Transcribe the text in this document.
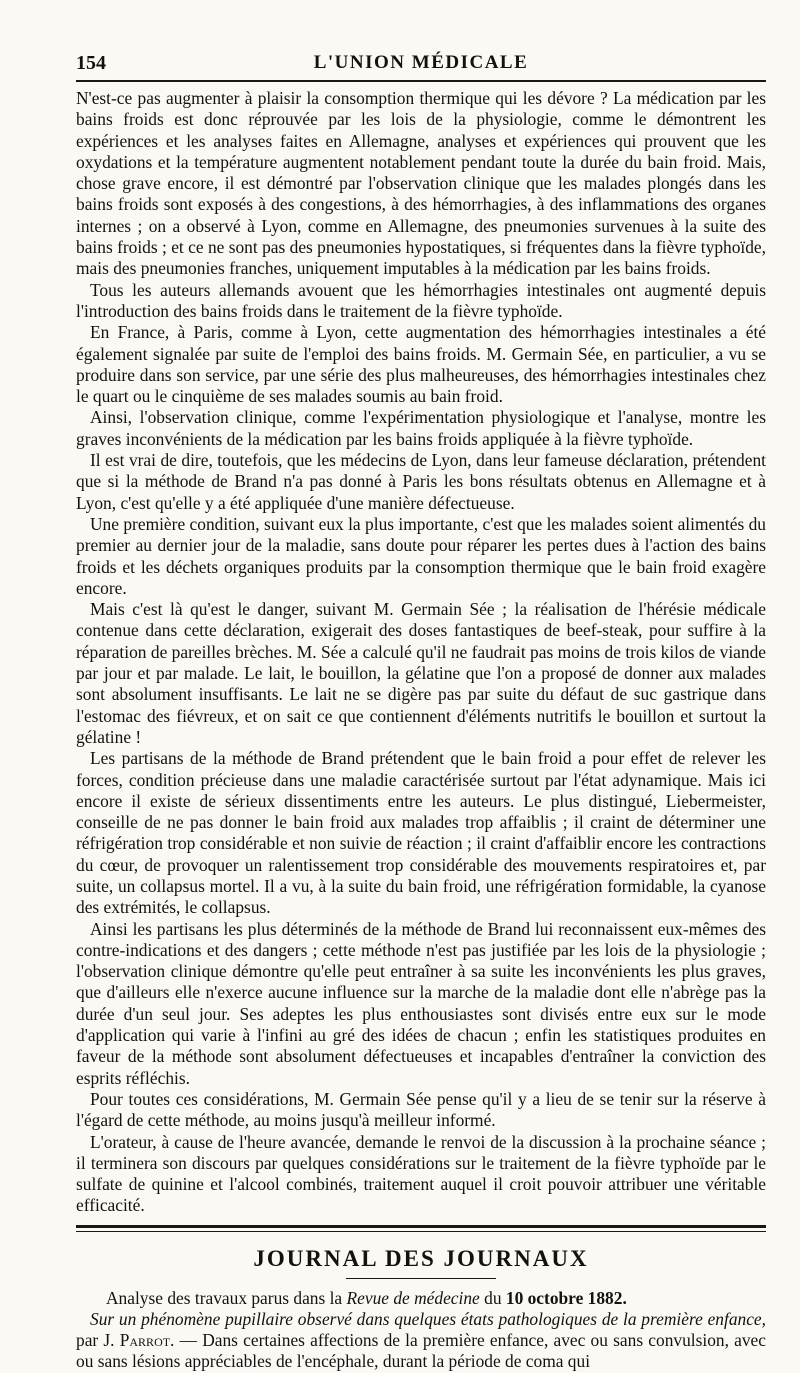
154	L'UNION MÉDICALE

N'est-ce pas augmenter à plaisir la consomption thermique qui les dévore ? La médication par les bains froids est donc réprouvée par les lois de la physiologie, comme le démontrent les expériences et les analyses faites en Allemagne, analyses et expériences qui prouvent que les oxydations et la température augmentent notablement pendant toute la durée du bain froid. Mais, chose grave encore, il est démontré par l'observation clinique que les malades plongés dans les bains froids sont exposés à des congestions, à des hémorrhagies, à des inflammations des organes internes ; on a observé à Lyon, comme en Allemagne, des pneumonies survenues à la suite des bains froids ; et ce ne sont pas des pneumonies hypostatiques, si fréquentes dans la fièvre typhoïde, mais des pneumonies franches, uniquement imputables à la médication par les bains froids.

Tous les auteurs allemands avouent que les hémorrhagies intestinales ont augmenté depuis l'introduction des bains froids dans le traitement de la fièvre typhoïde.

En France, à Paris, comme à Lyon, cette augmentation des hémorrhagies intestinales a été également signalée par suite de l'emploi des bains froids. M. Germain Sée, en particulier, a vu se produire dans son service, par une série des plus malheureuses, des hémorrhagies intestinales chez le quart ou le cinquième de ses malades soumis au bain froid.

Ainsi, l'observation clinique, comme l'expérimentation physiologique et l'analyse, montre les graves inconvénients de la médication par les bains froids appliquée à la fièvre typhoïde.

Il est vrai de dire, toutefois, que les médecins de Lyon, dans leur fameuse déclaration, prétendent que si la méthode de Brand n'a pas donné à Paris les bons résultats obtenus en Allemagne et à Lyon, c'est qu'elle y a été appliquée d'une manière défectueuse.

Une première condition, suivant eux la plus importante, c'est que les malades soient alimentés du premier au dernier jour de la maladie, sans doute pour réparer les pertes dues à l'action des bains froids et les déchets organiques produits par la consomption thermique que le bain froid exagère encore.

Mais c'est là qu'est le danger, suivant M. Germain Sée ; la réalisation de l'hérésie médicale contenue dans cette déclaration, exigerait des doses fantastiques de beef-steak, pour suffire à la réparation de pareilles brèches. M. Sée a calculé qu'il ne faudrait pas moins de trois kilos de viande par jour et par malade. Le lait, le bouillon, la gélatine que l'on a proposé de donner aux malades sont absolument insuffisants. Le lait ne se digère pas par suite du défaut de suc gastrique dans l'estomac des fiévreux, et on sait ce que contiennent d'éléments nutritifs le bouillon et surtout la gélatine !

Les partisans de la méthode de Brand prétendent que le bain froid a pour effet de relever les forces, condition précieuse dans une maladie caractérisée surtout par l'état adynamique. Mais ici encore il existe de sérieux dissentiments entre les auteurs. Le plus distingué, Liebermeister, conseille de ne pas donner le bain froid aux malades trop affaiblis ; il craint de déterminer une réfrigération trop considérable et non suivie de réaction ; il craint d'affaiblir encore les contractions du cœur, de provoquer un ralentissement trop considérable des mouvements respiratoires et, par suite, un collapsus mortel. Il a vu, à la suite du bain froid, une réfrigération formidable, la cyanose des extrémités, le collapsus.

Ainsi les partisans les plus déterminés de la méthode de Brand lui reconnaissent eux-mêmes des contre-indications et des dangers ; cette méthode n'est pas justifiée par les lois de la physiologie ; l'observation clinique démontre qu'elle peut entraîner à sa suite les inconvénients les plus graves, que d'ailleurs elle n'exerce aucune influence sur la marche de la maladie dont elle n'abrège pas la durée d'un seul jour. Ses adeptes les plus enthousiastes sont divisés entre eux sur le mode d'application qui varie à l'infini au gré des idées de chacun ; enfin les statistiques produites en faveur de la méthode sont absolument défectueuses et incapables d'entraîner la conviction des esprits réfléchis.

Pour toutes ces considérations, M. Germain Sée pense qu'il y a lieu de se tenir sur la réserve à l'égard de cette méthode, au moins jusqu'à meilleur informé.

L'orateur, à cause de l'heure avancée, demande le renvoi de la discussion à la prochaine séance ; il terminera son discours par quelques considérations sur le traitement de la fièvre typhoïde par le sulfate de quinine et l'alcool combinés, traitement auquel il croit pouvoir attribuer une véritable efficacité.

JOURNAL DES JOURNAUX

Analyse des travaux parus dans la Revue de médecine du 10 octobre 1882.

Sur un phénomène pupillaire observé dans quelques états pathologiques de la première enfance, par J. Parrot. — Dans certaines affections de la première enfance, avec ou sans convulsion, avec ou sans lésions appréciables de l'encéphale, durant la période de coma qui
